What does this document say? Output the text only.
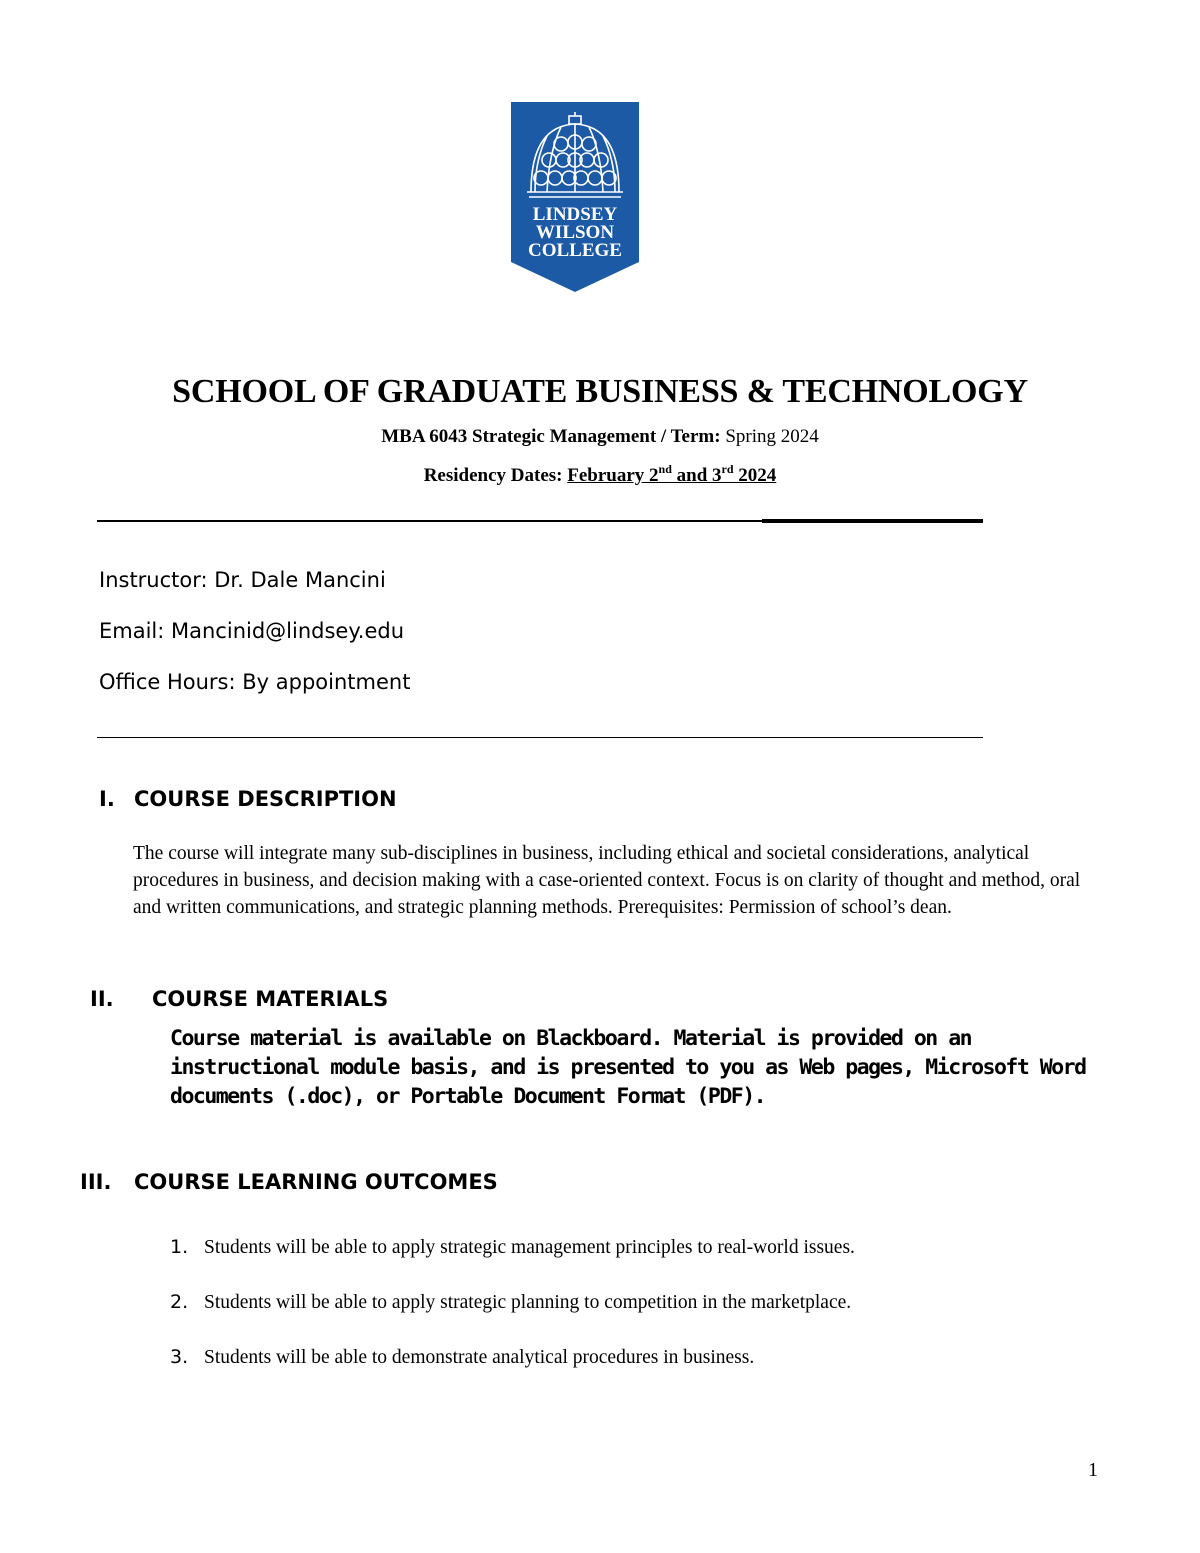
LINDSEY
WILSON
COLLEGE
SCHOOL OF GRADUATE BUSINESS & TECHNOLOGY
MBA 6043 Strategic Management / Term: Spring 2024
Residency Dates: February 2nd and 3rd 2024
Instructor: Dr. Dale Mancini
Email: Mancinid@lindsey.edu
Office Hours: By appointment
I. COURSE DESCRIPTION
The course will integrate many sub-disciplines in business, including ethical and societal considerations, analytical procedures in business, and decision making with a case-oriented context. Focus is on clarity of thought and method, oral and written communications, and strategic planning methods. Prerequisites: Permission of school’s dean.
II. COURSE MATERIALS
Course material is available on Blackboard. Material is provided on an instructional module basis, and is presented to you as Web pages, Microsoft Word documents (.doc), or Portable Document Format (PDF).
III. COURSE LEARNING OUTCOMES
1. Students will be able to apply strategic management principles to real-world issues.
2. Students will be able to apply strategic planning to competition in the marketplace.
3. Students will be able to demonstrate analytical procedures in business.
1
